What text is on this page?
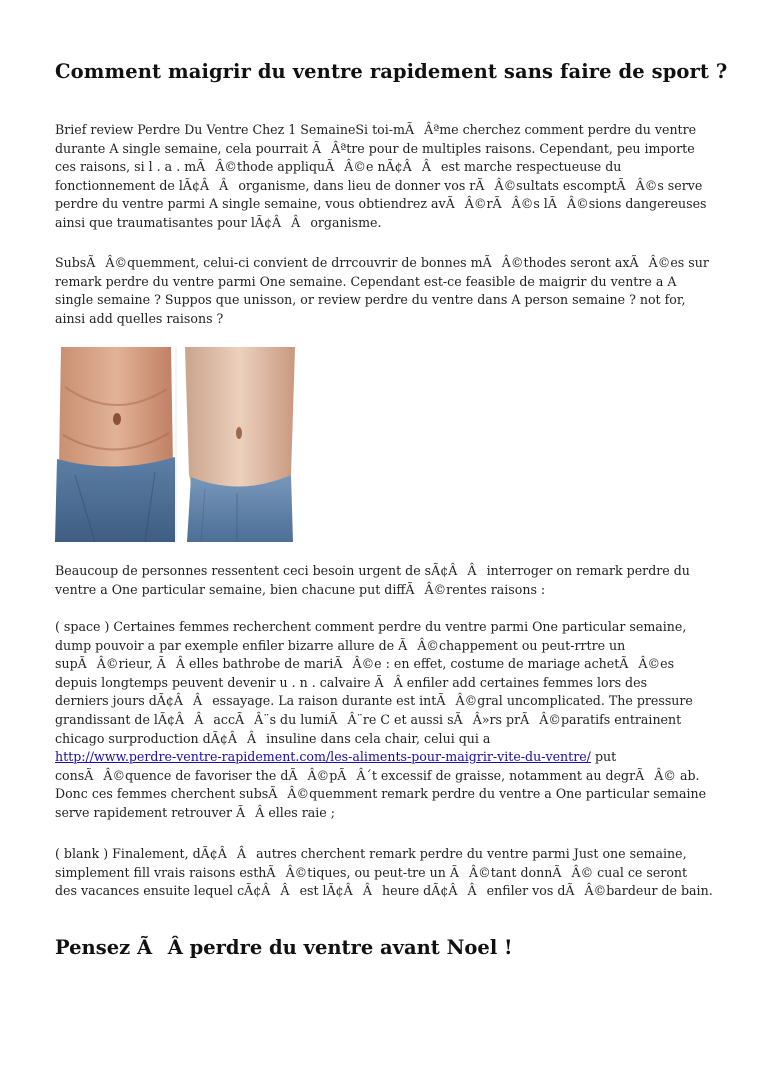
Comment maigrir du ventre rapidement sans faire de sport ?
Brief review Perdre Du Ventre Chez 1 SemaineSi toi-mÃÂªme cherchez comment perdre du ventre
durante A single semaine, cela pourrait ÃÂªtre pour de multiples raisons. Cependant, peu importe
ces raisons, si l . a . mÃÂ©thode appliquÃÂ©e nÃ¢ÂÂest marche respectueuse du
fonctionnement de lÃ¢ÂÂorganisme, dans lieu de donner vos rÃÂ©sultats escomptÃÂ©s serve
perdre du ventre parmi A single semaine, vous obtiendrez avÃÂ©rÃÂ©s lÃÂ©sions dangereuses
ainsi que traumatisantes pour lÃ¢ÂÂorganisme.
SubsÃÂ©quemment, celui-ci convient de drrcouvrir de bonnes mÃÂ©thodes seront axÃÂ©es sur
remark perdre du ventre parmi One semaine. Cependant est-ce feasible de maigrir du ventre a A
single semaine ? Suppos que unisson, or review perdre du ventre dans A person semaine ? not for,
ainsi add quelles raisons ?
Beaucoup de personnes ressentent ceci besoin urgent de sÃ¢ÂÂinterroger on remark perdre du
ventre a One particular semaine, bien chacune put diffÃÂ©rentes raisons :
( space ) Certaines femmes recherchent comment perdre du ventre parmi One particular semaine,
dump pouvoir a par exemple enfiler bizarre allure de ÃÂ©chappement ou peut-rrtre un
supÃÂ©rieur, ÃÂ elles bathrobe de mariÃÂ©e : en effet, costume de mariage achetÃÂ©es
depuis longtemps peuvent devenir u . n . calvaire ÃÂ enfiler add certaines femmes lors des
derniers jours dÃ¢ÂÂessayage. La raison durante est intÃÂ©gral uncomplicated. The pressure
grandissant de lÃ¢ÂÂaccÃÂ¨s du lumiÃÂ¨re C et aussi sÃÂ»rs prÃÂ©paratifs entrainent
chicago surproduction dÃ¢ÂÂinsuline dans cela chair, celui qui a
http://www.perdre-ventre-rapidement.com/les-aliments-pour-maigrir-vite-du-ventre/ put
consÃÂ©quence de favoriser the dÃÂ©pÃÂ´t excessif de graisse, notamment au degrÃÂ© ab.
Donc ces femmes cherchent subsÃÂ©quemment remark perdre du ventre a One particular semaine
serve rapidement retrouver ÃÂ elles raie ;
( blank ) Finalement, dÃ¢ÂÂautres cherchent remark perdre du ventre parmi Just one semaine,
simplement fill vrais raisons esthÃÂ©tiques, ou peut-tre un ÃÂ©tant donnÃÂ© cual ce seront
des vacances ensuite lequel cÃ¢ÂÂest lÃ¢ÂÂheure dÃ¢ÂÂenfiler vos dÃÂ©bardeur de bain.
Pensez ÃÂ perdre du ventre avant Noel !
